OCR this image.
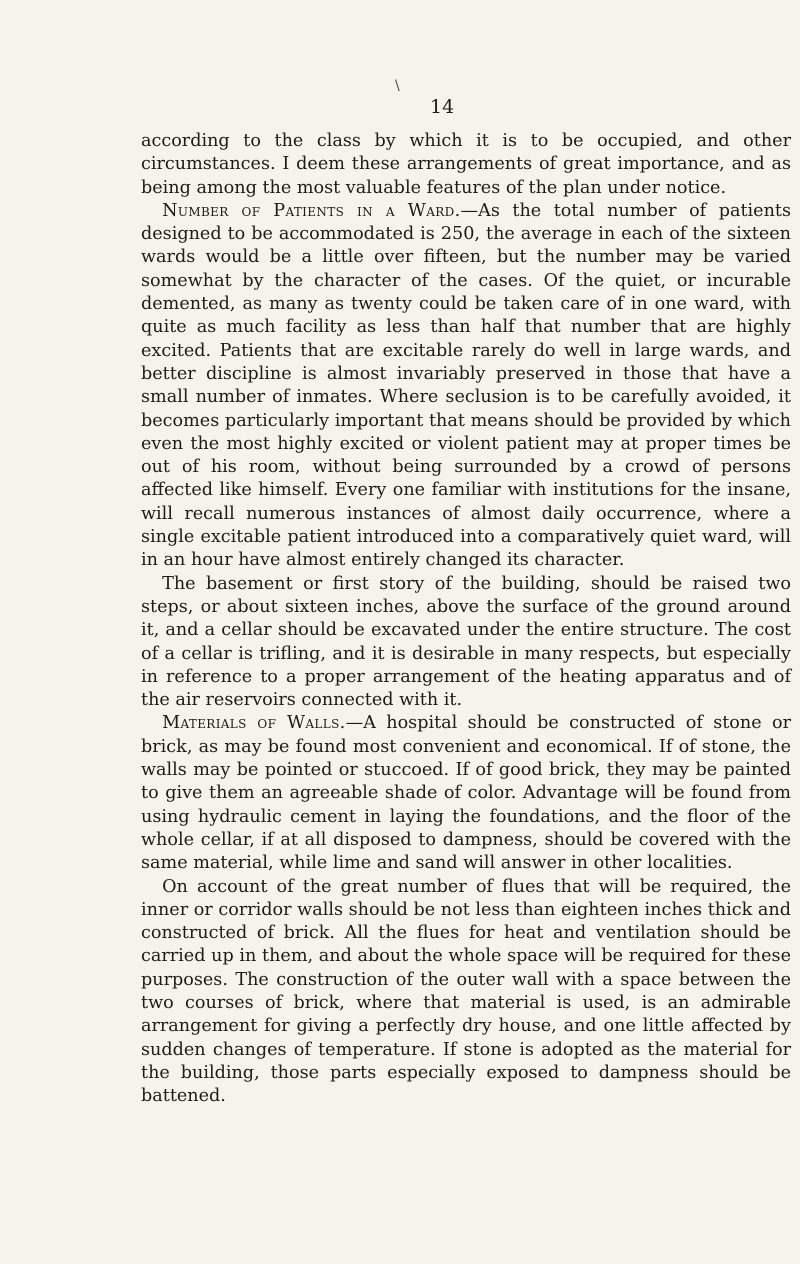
\
14

according to the class by which it is to be occupied, and other circumstances. I deem these arrangements of great importance, and as being among the most valuable features of the plan under notice.

Number of Patients in a Ward.—As the total number of patients designed to be accommodated is 250, the average in each of the sixteen wards would be a little over fifteen, but the number may be varied somewhat by the character of the cases. Of the quiet, or incurable demented, as many as twenty could be taken care of in one ward, with quite as much facility as less than half that number that are highly excited. Patients that are excitable rarely do well in large wards, and better discipline is almost invariably preserved in those that have a small number of inmates. Where seclusion is to be carefully avoided, it becomes particularly important that means should be provided by which even the most highly excited or violent patient may at proper times be out of his room, without being surrounded by a crowd of persons affected like himself. Every one familiar with institutions for the insane, will recall numerous instances of almost daily occurrence, where a single excitable patient introduced into a comparatively quiet ward, will in an hour have almost entirely changed its character.

The basement or first story of the building, should be raised two steps, or about sixteen inches, above the surface of the ground around it, and a cellar should be excavated under the entire structure. The cost of a cellar is trifling, and it is desirable in many respects, but especially in reference to a proper arrangement of the heating apparatus and of the air reservoirs connected with it.

Materials of Walls.—A hospital should be constructed of stone or brick, as may be found most convenient and economical. If of stone, the walls may be pointed or stuccoed. If of good brick, they may be painted to give them an agreeable shade of color. Advantage will be found from using hydraulic cement in laying the foundations, and the floor of the whole cellar, if at all disposed to dampness, should be covered with the same material, while lime and sand will answer in other localities.

On account of the great number of flues that will be required, the inner or corridor walls should be not less than eighteen inches thick and constructed of brick. All the flues for heat and ventilation should be carried up in them, and about the whole space will be required for these purposes. The construction of the outer wall with a space between the two courses of brick, where that material is used, is an admirable arrangement for giving a perfectly dry house, and one little affected by sudden changes of temperature. If stone is adopted as the material for the building, those parts especially exposed to dampness should be battened.
